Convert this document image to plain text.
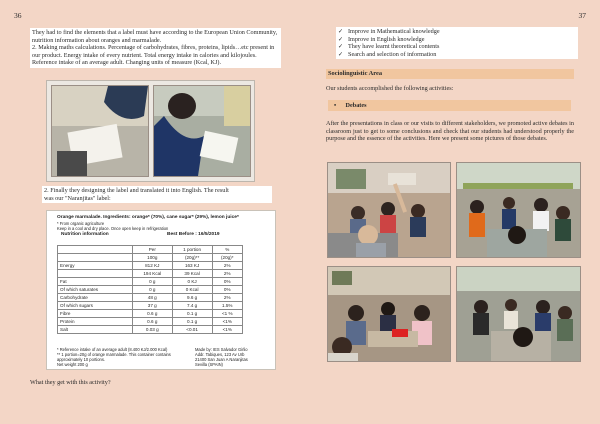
36	37
They had to find the elements that a label must have according to the European Union Community, nutrition information about oranges and marmalade.
2. Making maths calculations. Percentage of carbohydrates, fibres, proteins, lipids…etc present in our product. Energy intake of every nutrient. Total energy intake in calories and kilojoules. Reference intake of an average adult. Changing units of measure (Kcal, KJ).
2. Finally they designing the label and translated it into English. The result
was our "Naranjitas" label:
Orange marmalade. Ingredients: orange* (70%), cane sugar* (29%), lemon juice*
* From organic agriculture
Keep in a cool and dry place. Once open keep in refrigeration
Nutrition information	Best Before : 16/5/2019
	Per	1 portion	%
	100g	(20g)**	(20g)*
Energy	812 KJ	163 KJ	2%
	194 Kcal	39 Kcal	2%
Fat	0 g	0 KJ	0%
Of which saturates	0 g	0 Kcal	0%
Carbohydrate	48 g	9.6 g	2%
Of which sugars	37 g	7.4 g	1.5%
Fibre	0.6 g	0.1 g	<1 %
Protein	0.6 g	0.1 g	<1%
Salt	0.03 g	<0.01	<1%
* Reference intake of an average adult (8.400 KJ/2.000 Kcal)
** 1 portion=20g of orange marmalade. This container contains
approximately 10 portions.
Net weight 200 g
Made by: IES Salvador Girlio
Addr. Tabiques, 123 Av Urb
21400 San Juan A Naranjitas
Sevilla (SPAIN)
What they get with this activity?
✓ Improve in Mathematical knowledge
✓ Improve in English knowledge
✓ They have learnt theoretical contents
✓ Search and selection of information
Sociolinguistic Area
Our students accomplished the following activities:
• Debates
After the presentations in class or our visits to different stakeholders, we promoted active debates in classroom just to get to some conclusions and check that our students had understood properly the purpose and the essence of the activities. Here we present some pictures of those debates.
